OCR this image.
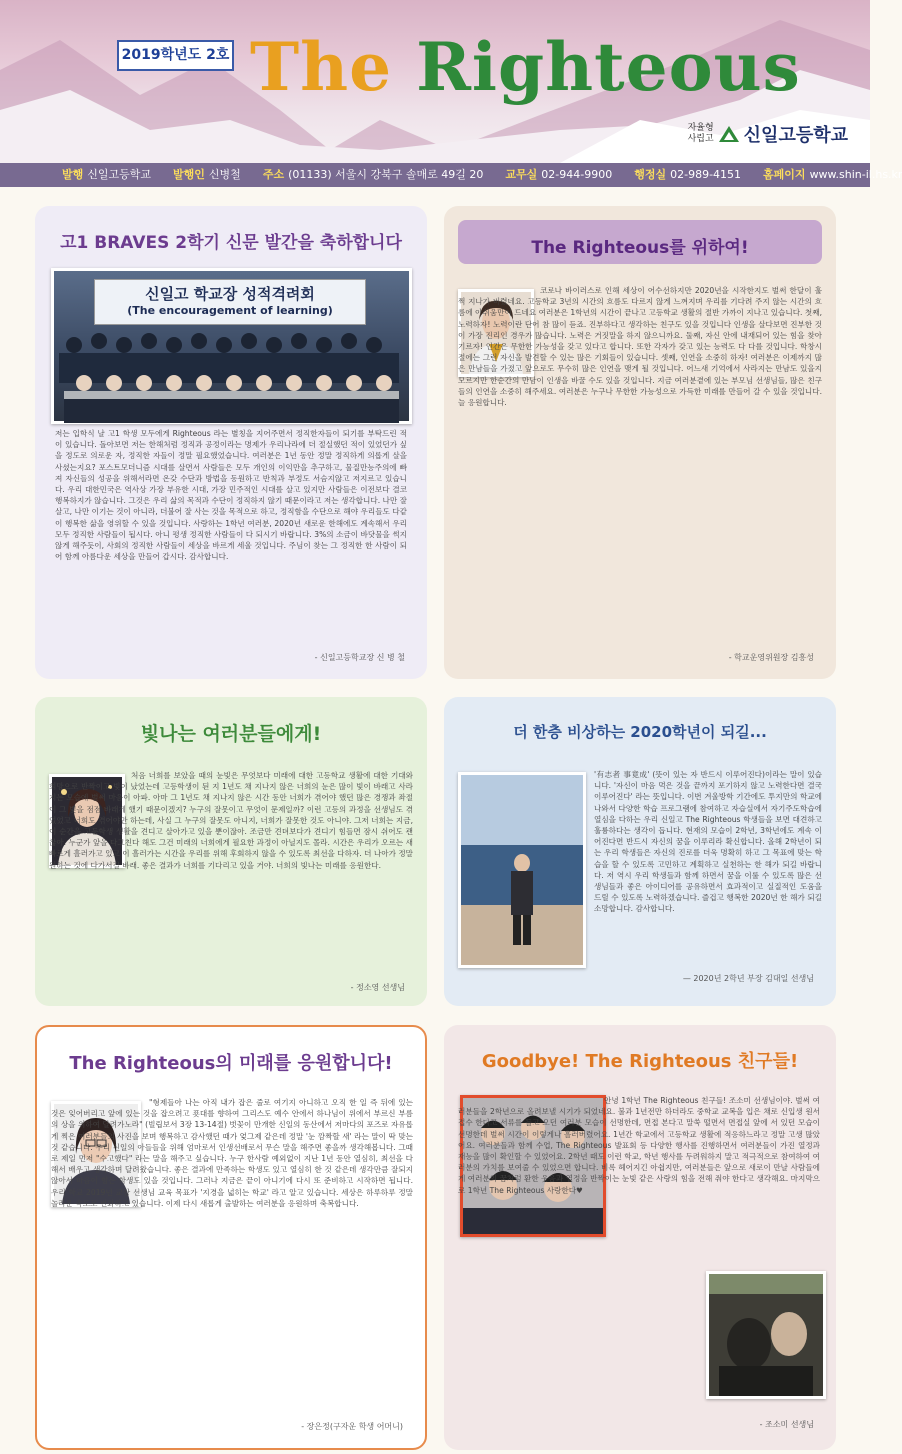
2019학년도 2호 The Righteous
자율형 사립고 신일고등학교
발행 신일고등학교 발행인 신병철 주소 (01133) 서울시 강북구 솔매로 49길 20 교무실 02-944-9900 행정실 02-989-4151 홈페이지 www.shin-il.hs.kr
고1 BRAVES 2학기 신문 발간을 축하합니다
신일고 학교장 성적격려회
(The encouragement of learning)
저는 입학식 날 고1 학생 모두에게 Righteous 라는 별칭을 지어주면서 정직한자들이 되기를 부탁드린 적이 있습니다. 돌아보면 저는 한해처럼 정직과 공정이라는 명제가 우리나라에 더 절실했던 적이 있었던가 싶을 정도로 의로운 자, 정직한 자들이 정말 필요했었습니다. 여러분은 1년 동안 정말 정직하게 의롭게 살을 사셨는지요? 포스트모더니즘 시대를 살면서 사람들은 모두 개인의 이익만을 추구하고, 물질만능주의에 빠져 자신들의 성공을 위해서라면 온갖 수단과 방법을 동원하고 반칙과 부정도 서슴지않고 저지르고 있습니다. 우리 대한민국은 역사상 가장 부유한 시대, 가장 민주적인 시대를 살고 있지만 사람들은 이전보다 결코 행복하지가 않습니다. 그것은 우리 삶의 목적과 수단이 정직하지 않기 때문이라고 저는 생각합니다. 나만 잘 살고, 나만 이기는 것이 아니라, 더불어 잘 사는 것을 목적으로 하고, 정직함을 수단으로 해야 우리들도 다같이 행복한 삶을 영위할 수 있을 것입니다. 사랑하는 1학년 여러분, 2020년 새로운 한해에도 계속해서 우리 모두 정직한 사람들이 됩시다. 아니 평생 정직한 사람들이 다 되시기 바랍니다. 3%의 소금이 바닷물을 썩지않게 해주듯이, 사회의 정직한 사람들이 세상을 바르게 세울 것입니다. 주님이 찾는 그 정직한 한 사람이 되어 함께 아름다운 세상을 만들어 갑시다. 감사합니다.
- 신일고등학교장 신 병 철
The Righteous를 위하여!
코로나 바이러스로 인해 세상이 어수선하지만 2020년을 시작한지도 벌써 한달이 훌쩍 지나가 버렸네요. 고등학교 3년의 시간의 흐름도 다르지 않게 느껴지며 우리를 기다려 주지 않는 시간의 흐름에 아쉬움만이 드네요 여러분은 1학년의 시간이 끝나고 고등학교 생활의 절반 가까이 지나고 있습니다. 첫째, 노력하자! 노력이란 단어 참 많이 듣죠. 진부하다고 생각하는 친구도 있을 것입니다 인생을 살다보면 진부한 것이 가장 진리인 경우가 많습니다. 노력은 거짓말을 하지 않으니까요. 둘째, 자신 안에 내재되어 있는 힘을 찾아 기르자! 인간은 무한한 가능성을 갖고 있다고 합니다. 또한 각자가 갖고 있는 능력도 다 다를 것입니다. 학창시절에는 그런 자신을 발견할 수 있는 많은 기회들이 있습니다. 셋째, 인연을 소중히 하자! 여러분은 이제까지 많은 만남들을 가졌고 앞으로도 무수히 많은 인연을 맺게 될 것입니다. 어느새 기억에서 사라지는 만남도 있을지 모르지만 한순간의 만남이 인생을 바꿀 수도 있을 것입니다. 지금 여러분곁에 있는 부모님 선생님들, 많은 친구들의 인연을 소중히 해주세요. 여러분은 누구나 무한한 가능성으로 가득한 미래를 만들어 갈 수 있을 것입니다. 늘 응원합니다.
- 학교운영위원장 김흥성
빛나는 여러분들에게!
처음 너희를 보았을 때의 눈빛은 무엇보다 미래에 대한 고등학교 생활에 대한 기대와 희망으로 반짝이고 빛이 났었는데 고등학생이 된 지 1년도 채 지나지 않은 너희의 눈은 많이 빛이 바래고 사라지는 모습에 벌써 마음이 아파. 아마 그 1년도 채 지나지 않은 시간 동안 너희가 겪어야 했던 많은 경쟁과 좌절이 그 빛을 점점 바래게 했기 때문이겠지? 누구의 잘못이고 무엇이 문제일까? 이런 고등의 과정을 선생님도 겪었었고 너희도 겪어야만 하는데, 사실 그 누구의 잘못도 아니지, 너희가 잘못한 것도 아니야. 그저 너희는 지금, 이 순간을 고등학생 생활을 견디고 살아가고 있을 뿐이잖아. 조금만 견뎌보다가 견디기 힘들면 잠시 쉬어도 괜찮아. 누군가 앞을 다그친다 해도 그건 미래의 너희에게 필요한 과정이 아닐지도 몰라. 시간은 우리가 오르는 새 빠르게 흘러가고 있고 이 흘러가는 시간을 우리를 위해 후회하지 않을 수 있도록 최선을 다하자. 더 나아가 정말 원하는 것에 다가서길 바래. 좋은 결과가 너희를 기다리고 있을 거야. 너희의 빛나는 미래를 응원한다.
- 정소영 선생님
더 한층 비상하는 2020학년이 되길...
'有志者 事竟成' (뜻이 있는 자 반드시 이루어진다)이라는 말이 있습니다. '자신이 마음 먹은 것을 끝까지 포기하지 않고 노력한다면 결국 이루어진다' 라는 뜻입니다. 이번 겨울방학 기간에도 투지만의 학교에 나와서 다양한 학습 프로그램에 참여하고 자습실에서 자기주도학습에 열심을 다하는 우리 신일고 The Righteous 학생들을 보면 대견하고 훌륭하다는 생각이 듭니다. 현재의 모습이 2학년, 3학년에도 계속 이어진다면 반드시 자신의 꿈을 이루리라 확신합니다. 올해 2학년이 되는 우리 학생들은 자신의 진로를 더욱 명확히 하고 그 목표에 맞는 학습을 할 수 있도록 고민하고 계획하고 실천하는 한 해가 되길 바랍니다. 저 역시 우리 학생들과 함께 하면서 꿈을 이룰 수 있도록 많은 선생님들과 좋은 아이디어를 공유하면서 효과적이고 실질적인 도움을 드릴 수 있도록 노력하겠습니다. 즐겁고 행복한 2020년 한 해가 되길 소망합니다. 감사합니다.
— 2020년 2학년 부장 김대일 선생님
The Righteous의 미래를 응원합니다!
"형제들아 나는 아직 내가 잡은 줄로 여기지 아니하고 오직 한 일 즉 뒤에 있는 것은 잊어버리고 앞에 있는 것을 잡으려고 푯대를 향하여 그리스도 예수 안에서 하나님이 위에서 부르신 부름의 상을 위하여 달려가노라" (빌립보서 3장 13-14절) 벗꽃이 만개한 신일의 동산에서 저마다의 포즈로 자유롭게 찍은 여러분들의 사진을 보며 행복하고 감사했던 때가 엊그제 같은데 정말 '눈 깜짝할 새' 라는 말이 딱 맞는 것 같습니다. 우리 신일의 아들들을 위해 엄마로서 인생선배로서 무슨 말을 해주면 좋을까 생각해봅니다. 그때로 제일 먼저 "수고했다" 라는 말을 해주고 싶습니다. 누구 한사람 예외없이 지난 1년 동안 열심히, 최선을 다해서 배우고 생각하며 달려왔습니다. 좋은 결과에 만족하는 학생도 있고 열심히 한 것 같은데 생각만큼 잘되지 않아서 마음이 힘든 학생도 있을 것입니다. 그러나 지금은 끝이 아니기에 다시 또 준비하고 시작하면 됩니다. 우리 학교 2019년 교장 선생님 교육 목표가 '지경을 넓히는 학교' 라고 알고 있습니다. 세상은 하루하루 정말 놀라운 속도로 변화하고 있습니다. 이제 다시 새롭게 출발하는 여러분을 응원하며 축복합니다.
- 장은정(구자운 학생 어머니)
Goodbye! The Righteous 친구들!
안녕 1학년 The Righteous 친구들! 조소미 선생님이야. 벌써 여러분들을 2학년으로 올려보낼 시기가 되었네요. 불과 1년전만 하더라도 중학교 교복을 입은 채로 신입생 원서접수 한다고 서류를 들고 오던 여러분 모습이 선명한데, 면접 본다고 말쑥 떨면서 면접실 앞에 서 있던 모습이 선명한데 벌써 시간이 이렇게나 흘러버렸어요. 1년간 학교에서 고등학교 생활에 적응하느라고 정말 고생 많았어요. 여러분들과 함께 수업, The Righteous 발표회 등 다양한 행사를 진행하면서 여러분들이 가진 열정과 재능을 많이 확인할 수 있었어요. 2학년 때도 이런 학교, 학년 행사를 두려워하지 말고 적극적으로 참여하여 여러분의 가치를 보여줄 수 있었으면 합니다. 비록 헤어지긴 아쉽지만, 여러분들은 앞으로 새로이 만날 사람들에게 여러분의 꿈처럼 환한 웃음과 열정을 반짝이는 눈빛 같은 사랑의 힘을 전해 줘야 한다고 생각해요. 마지막으로 1학년 The Righteous 사랑한다♥
- 조소미 선생님
